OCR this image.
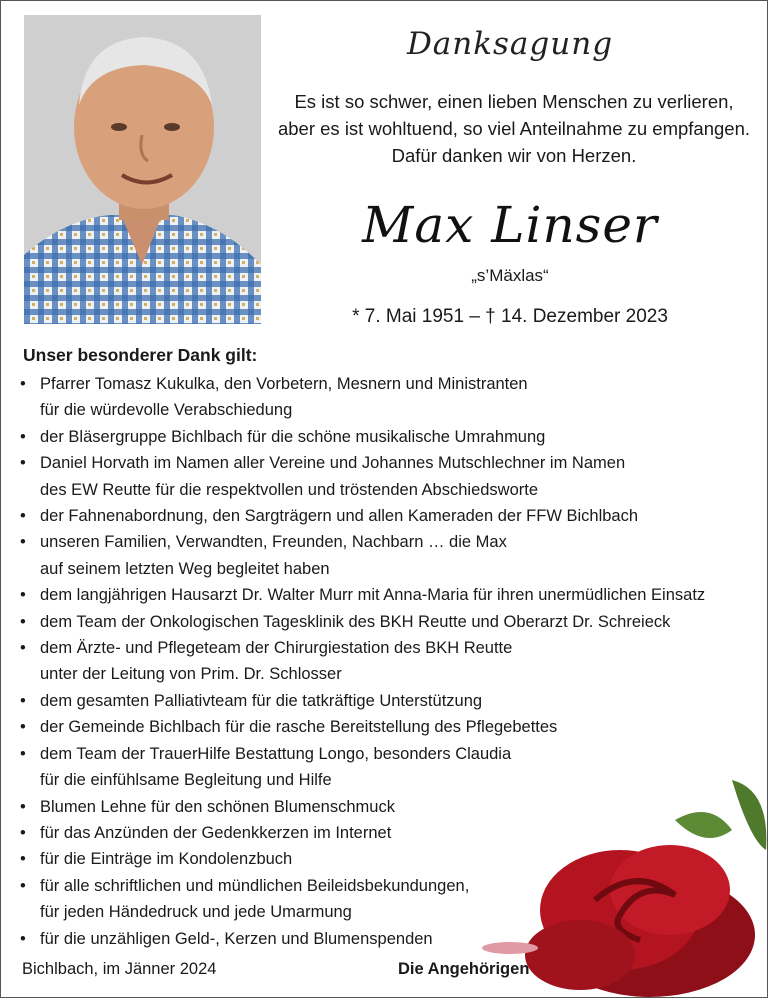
Danksagung
Es ist so schwer, einen lieben Menschen zu verlieren,
aber es ist wohltuend, so viel Anteilnahme zu empfangen.
Dafür danken wir von Herzen.
Max Linser
„s’Mäxlas“
* 7. Mai 1951 – † 14. Dezember 2023
Unser besonderer Dank gilt:
• Pfarrer Tomasz Kukulka, den Vorbetern, Mesnern und Ministranten
für die würdevolle Verabschiedung
• der Bläsergruppe Bichlbach für die schöne musikalische Umrahmung
• Daniel Horvath im Namen aller Vereine und Johannes Mutschlechner im Namen
des EW Reutte für die respektvollen und tröstenden Abschiedsworte
• der Fahnenabordnung, den Sargträgern und allen Kameraden der FFW Bichlbach
• unseren Familien, Verwandten, Freunden, Nachbarn … die Max
auf seinem letzten Weg begleitet haben
• dem langjährigen Hausarzt Dr. Walter Murr mit Anna-Maria für ihren unermüdlichen Einsatz
• dem Team der Onkologischen Tagesklinik des BKH Reutte und Oberarzt Dr. Schreieck
• dem Ärzte- und Pflegeteam der Chirurgiestation des BKH Reutte
unter der Leitung von Prim. Dr. Schlosser
• dem gesamten Palliativteam für die tatkräftige Unterstützung
• der Gemeinde Bichlbach für die rasche Bereitstellung des Pflegebettes
• dem Team der TrauerHilfe Bestattung Longo, besonders Claudia
für die einfühlsame Begleitung und Hilfe
• Blumen Lehne für den schönen Blumenschmuck
• für das Anzünden der Gedenkkerzen im Internet
• für die Einträge im Kondolenzbuch
• für alle schriftlichen und mündlichen Beileidsbekundungen,
für jeden Händedruck und jede Umarmung
• für die unzähligen Geld-, Kerzen und Blumenspenden
Bichlbach, im Jänner 2024	Die Angehörigen
